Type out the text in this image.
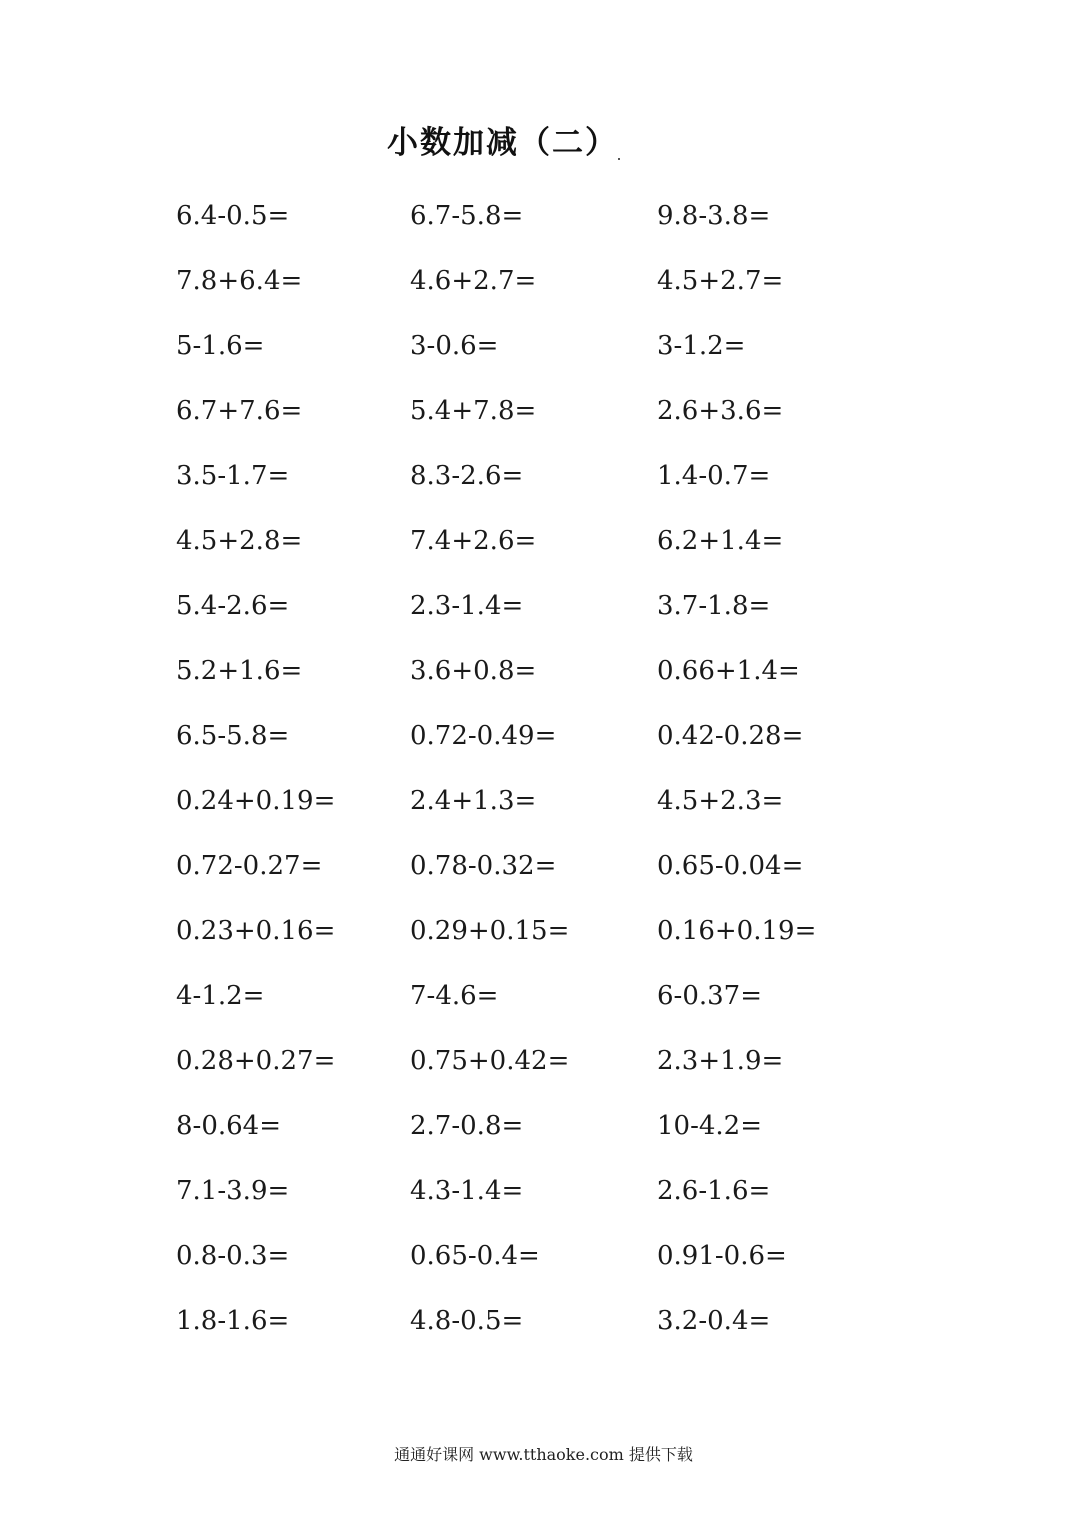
小数加减（二）
6.4-0.5=	6.7-5.8=	9.8-3.8=
7.8+6.4=	4.6+2.7=	4.5+2.7=
5-1.6=	3-0.6=	3-1.2=
6.7+7.6=	5.4+7.8=	2.6+3.6=
3.5-1.7=	8.3-2.6=	1.4-0.7=
4.5+2.8=	7.4+2.6=	6.2+1.4=
5.4-2.6=	2.3-1.4=	3.7-1.8=
5.2+1.6=	3.6+0.8=	0.66+1.4=
6.5-5.8=	0.72-0.49=	0.42-0.28=
0.24+0.19=	2.4+1.3=	4.5+2.3=
0.72-0.27=	0.78-0.32=	0.65-0.04=
0.23+0.16=	0.29+0.15=	0.16+0.19=
4-1.2=	7-4.6=	6-0.37=
0.28+0.27=	0.75+0.42=	2.3+1.9=
8-0.64=	2.7-0.8=	10-4.2=
7.1-3.9=	4.3-1.4=	2.6-1.6=
0.8-0.3=	0.65-0.4=	0.91-0.6=
1.8-1.6=	4.8-0.5=	3.2-0.4=
通通好课网 www.tthaoke.com 提供下载
